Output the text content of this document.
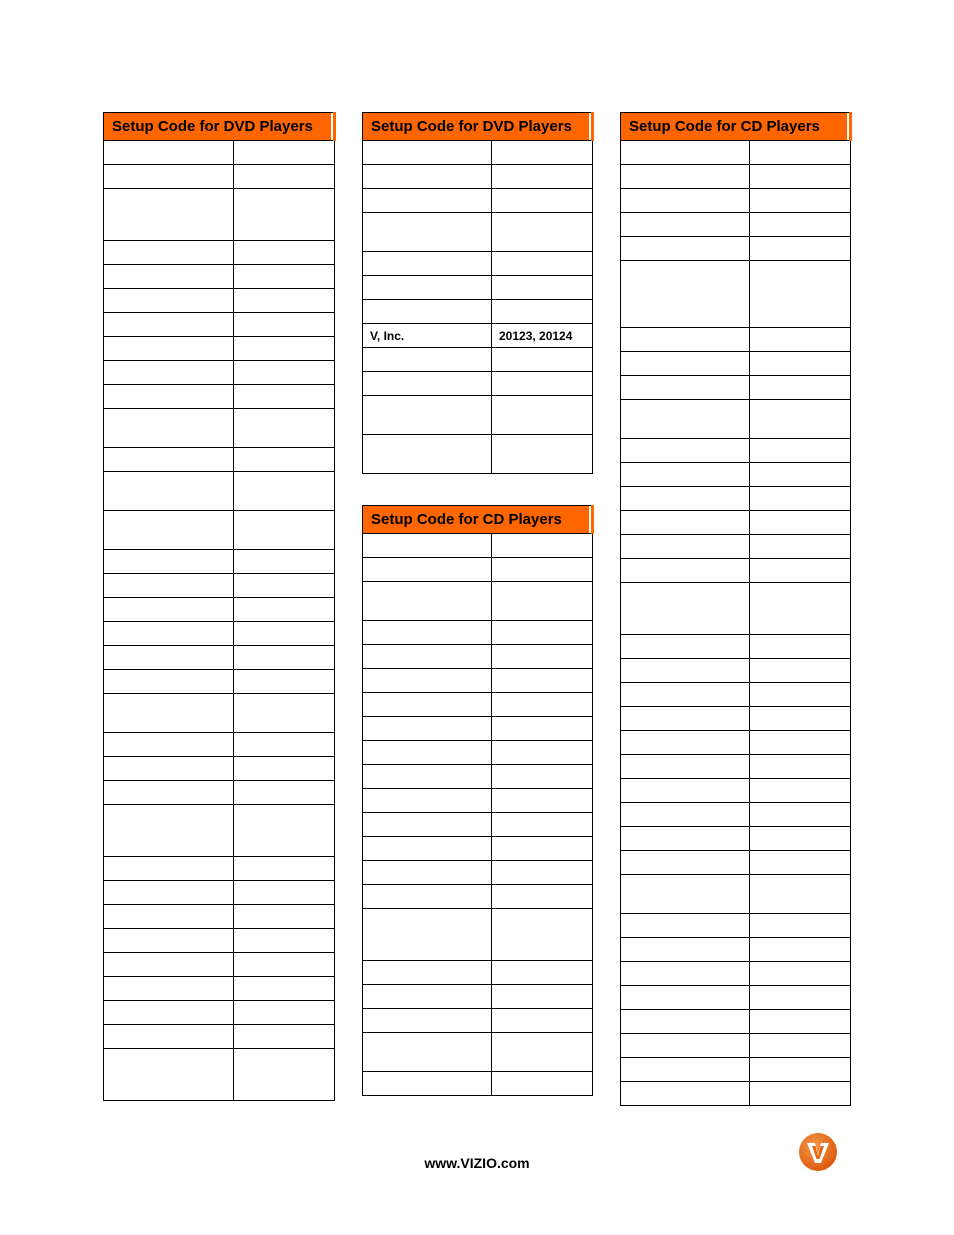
Setup Code for DVD Players	

		Setup Code for DVD Players	

V, Inc.	20123, 20124

Setup Code for CD Players	

Setup Code for CD Players	

www.VIZIO.com
